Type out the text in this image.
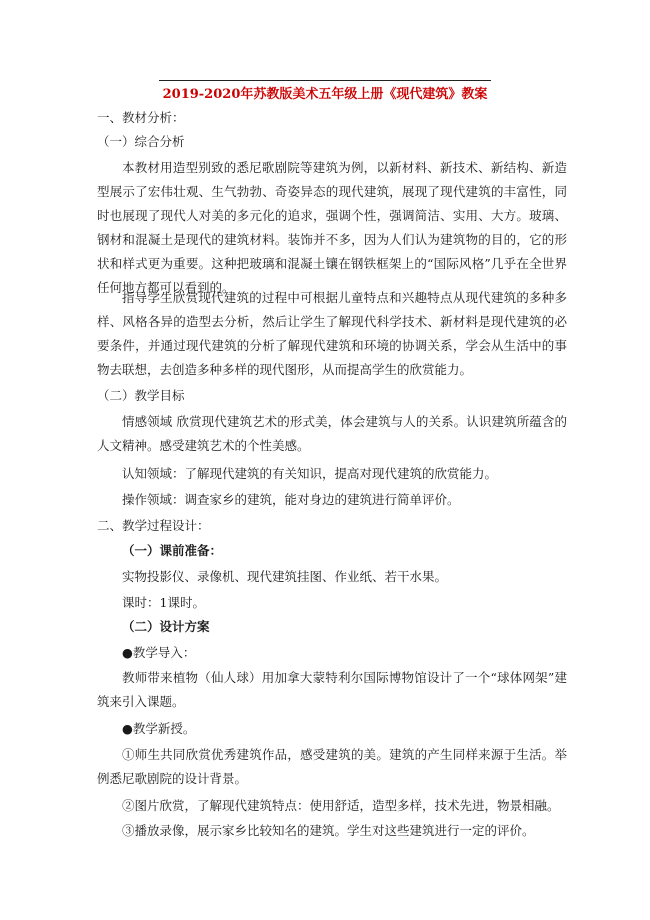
2019-2020年苏教版美术五年级上册《现代建筑》教案

一、教材分析：

（一）综合分析

本教材用造型别致的悉尼歌剧院等建筑为例，以新材料、新技术、新结构、新造型展示了宏伟壮观、生气勃勃、奇姿异态的现代建筑，展现了现代建筑的丰富性，同时也展现了现代人对美的多元化的追求，强调个性，强调简洁、实用、大方。玻璃、钢材和混凝土是现代的建筑材料。装饰并不多，因为人们认为建筑物的目的，它的形状和样式更为重要。这种把玻璃和混凝土镶在钢铁框架上的“国际风格”几乎在全世界任何地方都可以看到的。

指导学生欣赏现代建筑的过程中可根据儿童特点和兴趣特点从现代建筑的多种多样、风格各异的造型去分析，然后让学生了解现代科学技术、新材料是现代建筑的必要条件，并通过现代建筑的分析了解现代建筑和环境的协调关系，学会从生活中的事物去联想，去创造多种多样的现代图形，从而提高学生的欣赏能力。

（二）教学目标

情感领域 欣赏现代建筑艺术的形式美，体会建筑与人的关系。认识建筑所蕴含的人文精神。感受建筑艺术的个性美感。

认知领域：了解现代建筑的有关知识，提高对现代建筑的欣赏能力。

操作领域：调查家乡的建筑，能对身边的建筑进行简单评价。

二、教学过程设计：

（一）课前准备：

实物投影仪、录像机、现代建筑挂图、作业纸、若干水果。

课时：1课时。

（二）设计方案

●教学导入：

教师带来植物（仙人球）用加拿大蒙特利尔国际博物馆设计了一个“球体网架”建筑来引入课题。

●教学新授。

①师生共同欣赏优秀建筑作品，感受建筑的美。建筑的产生同样来源于生活。举例悉尼歌剧院的设计背景。

②图片欣赏，了解现代建筑特点：使用舒适，造型多样，技术先进，物景相融。

③播放录像，展示家乡比较知名的建筑。学生对这些建筑进行一定的评价。
